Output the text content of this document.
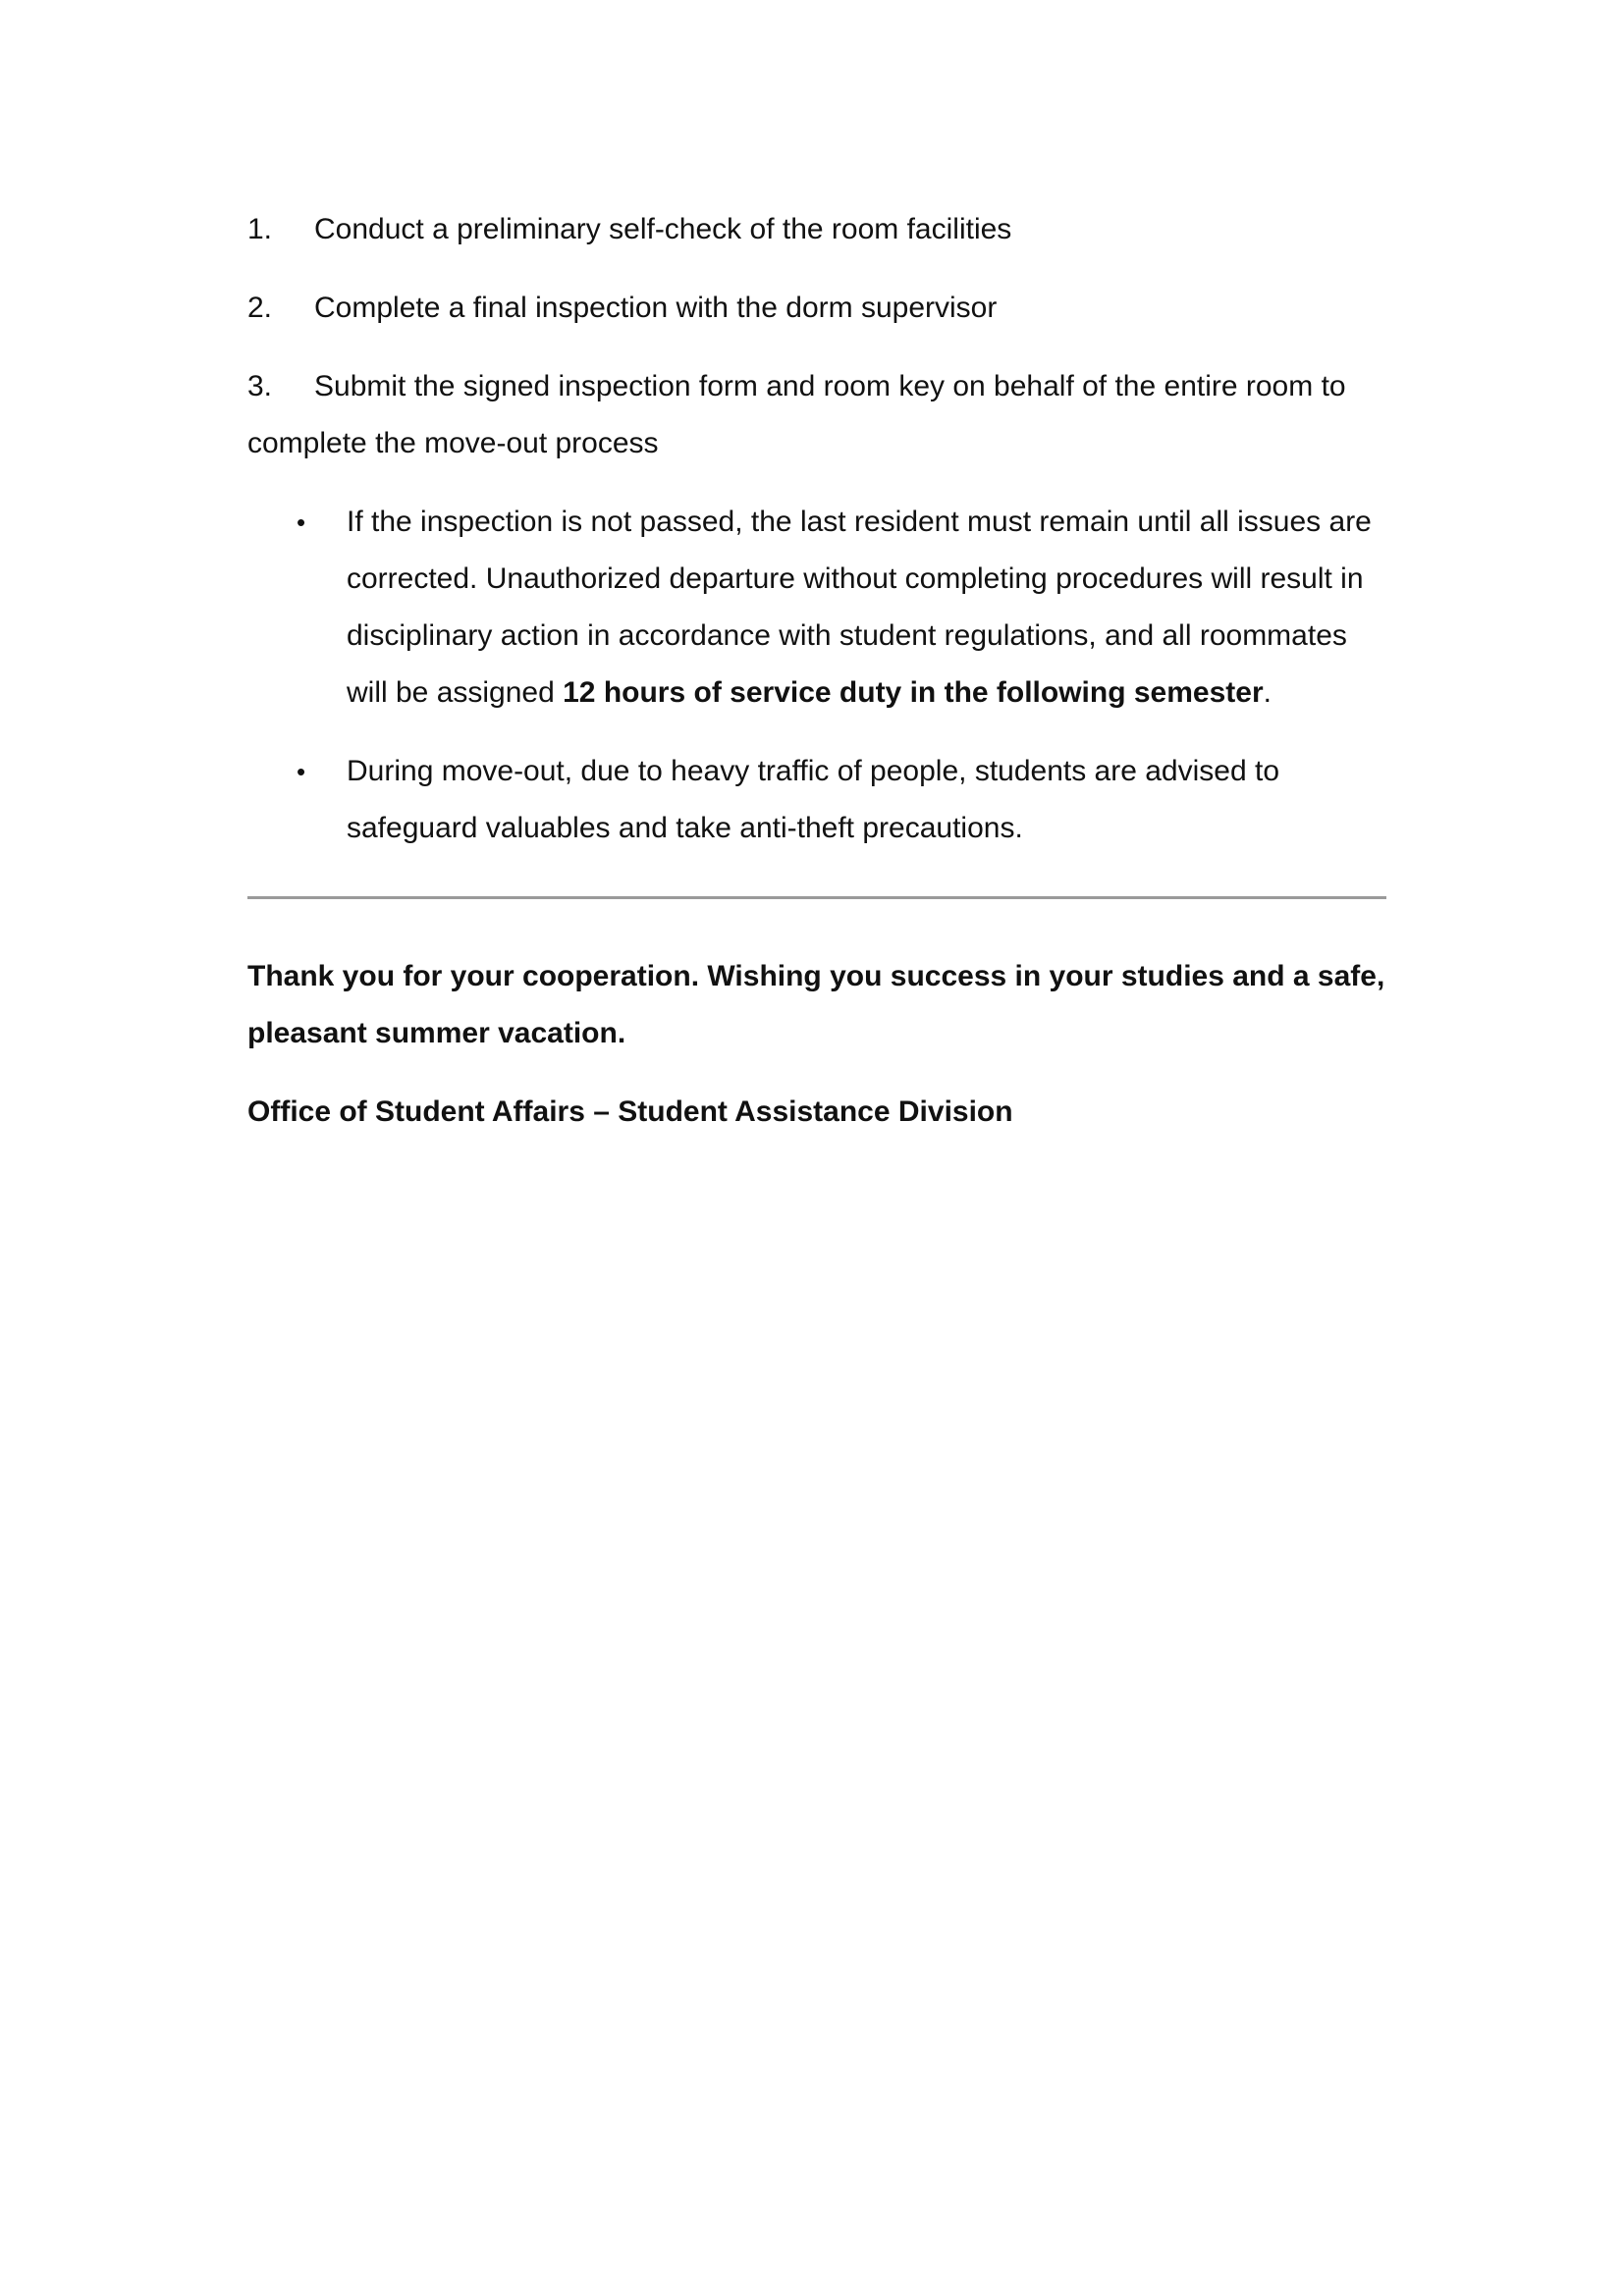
1. Conduct a preliminary self-check of the room facilities

2. Complete a final inspection with the dorm supervisor

3. Submit the signed inspection form and room key on behalf of the entire room to complete the move-out process

• If the inspection is not passed, the last resident must remain until all issues are corrected. Unauthorized departure without completing procedures will result in disciplinary action in accordance with student regulations, and all roommates will be assigned 12 hours of service duty in the following semester.
• During move-out, due to heavy traffic of people, students are advised to safeguard valuables and take anti-theft precautions.

Thank you for your cooperation. Wishing you success in your studies and a safe, pleasant summer vacation.

Office of Student Affairs – Student Assistance Division
